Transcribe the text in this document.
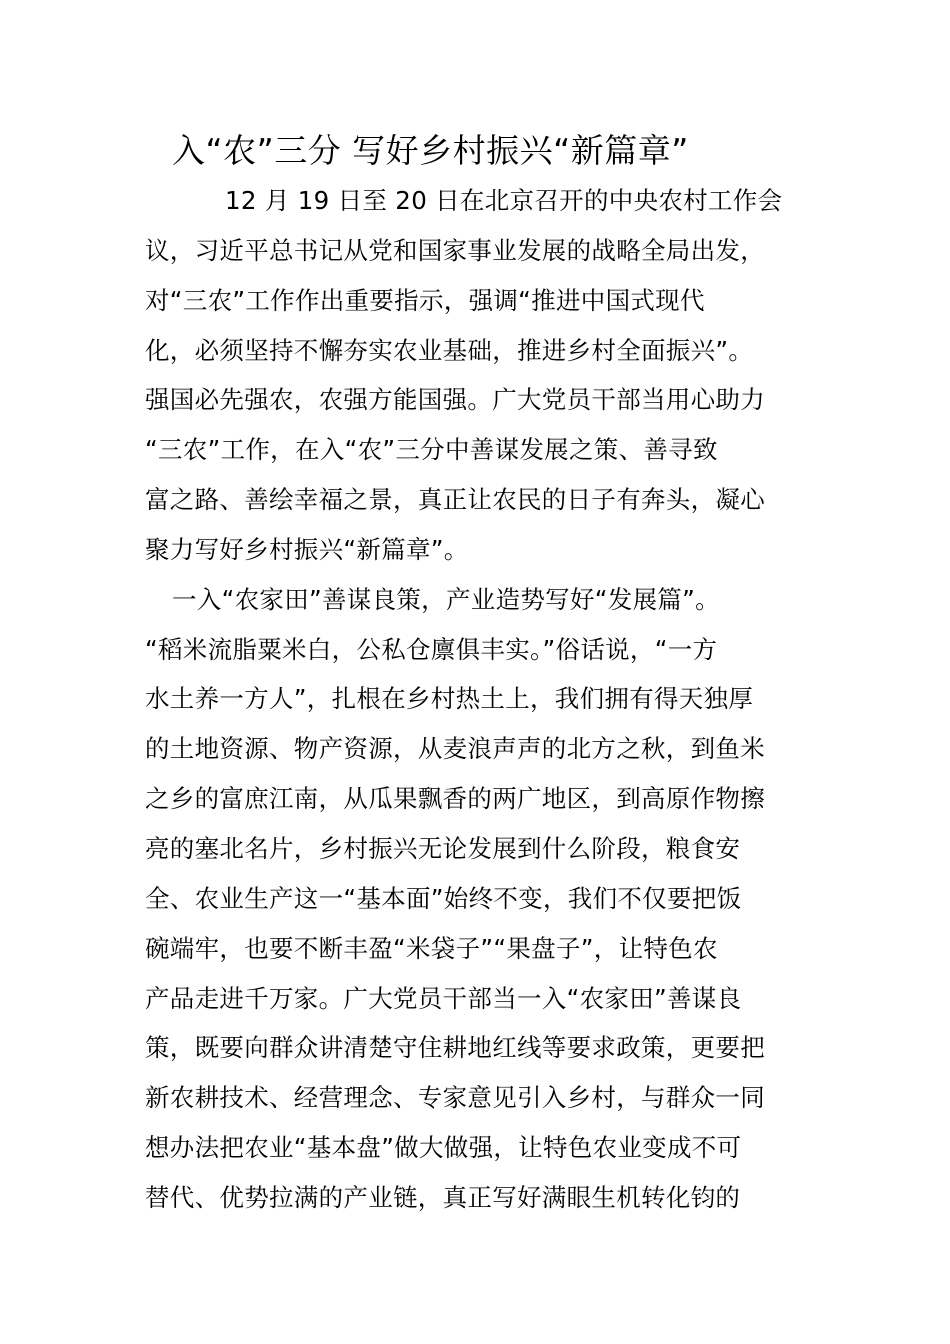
入“农”三分 写好乡村振兴“新篇章”
12 月 19 日至 20 日在北京召开的中央农村工作会
议，习近平总书记从党和国家事业发展的战略全局出发，
对“三农”工作作出重要指示，强调“推进中国式现代
化，必须坚持不懈夯实农业基础，推进乡村全面振兴”。
强国必先强农，农强方能国强。广大党员干部当用心助力
“三农”工作，在入“农”三分中善谋发展之策、善寻致
富之路、善绘幸福之景，真正让农民的日子有奔头，凝心
聚力写好乡村振兴“新篇章”。
一入“农家田”善谋良策，产业造势写好“发展篇”。
“稻米流脂粟米白，公私仓廪俱丰实。”俗话说，“一方
水土养一方人”，扎根在乡村热土上，我们拥有得天独厚
的土地资源、物产资源，从麦浪声声的北方之秋，到鱼米
之乡的富庶江南，从瓜果飘香的两广地区，到高原作物擦
亮的塞北名片，乡村振兴无论发展到什么阶段，粮食安
全、农业生产这一“基本面”始终不变，我们不仅要把饭
碗端牢，也要不断丰盈“米袋子”“果盘子”，让特色农
产品走进千万家。广大党员干部当一入“农家田”善谋良
策，既要向群众讲清楚守住耕地红线等要求政策，更要把
新农耕技术、经营理念、专家意见引入乡村，与群众一同
想办法把农业“基本盘”做大做强，让特色农业变成不可
替代、优势拉满的产业链，真正写好满眼生机转化钧的
